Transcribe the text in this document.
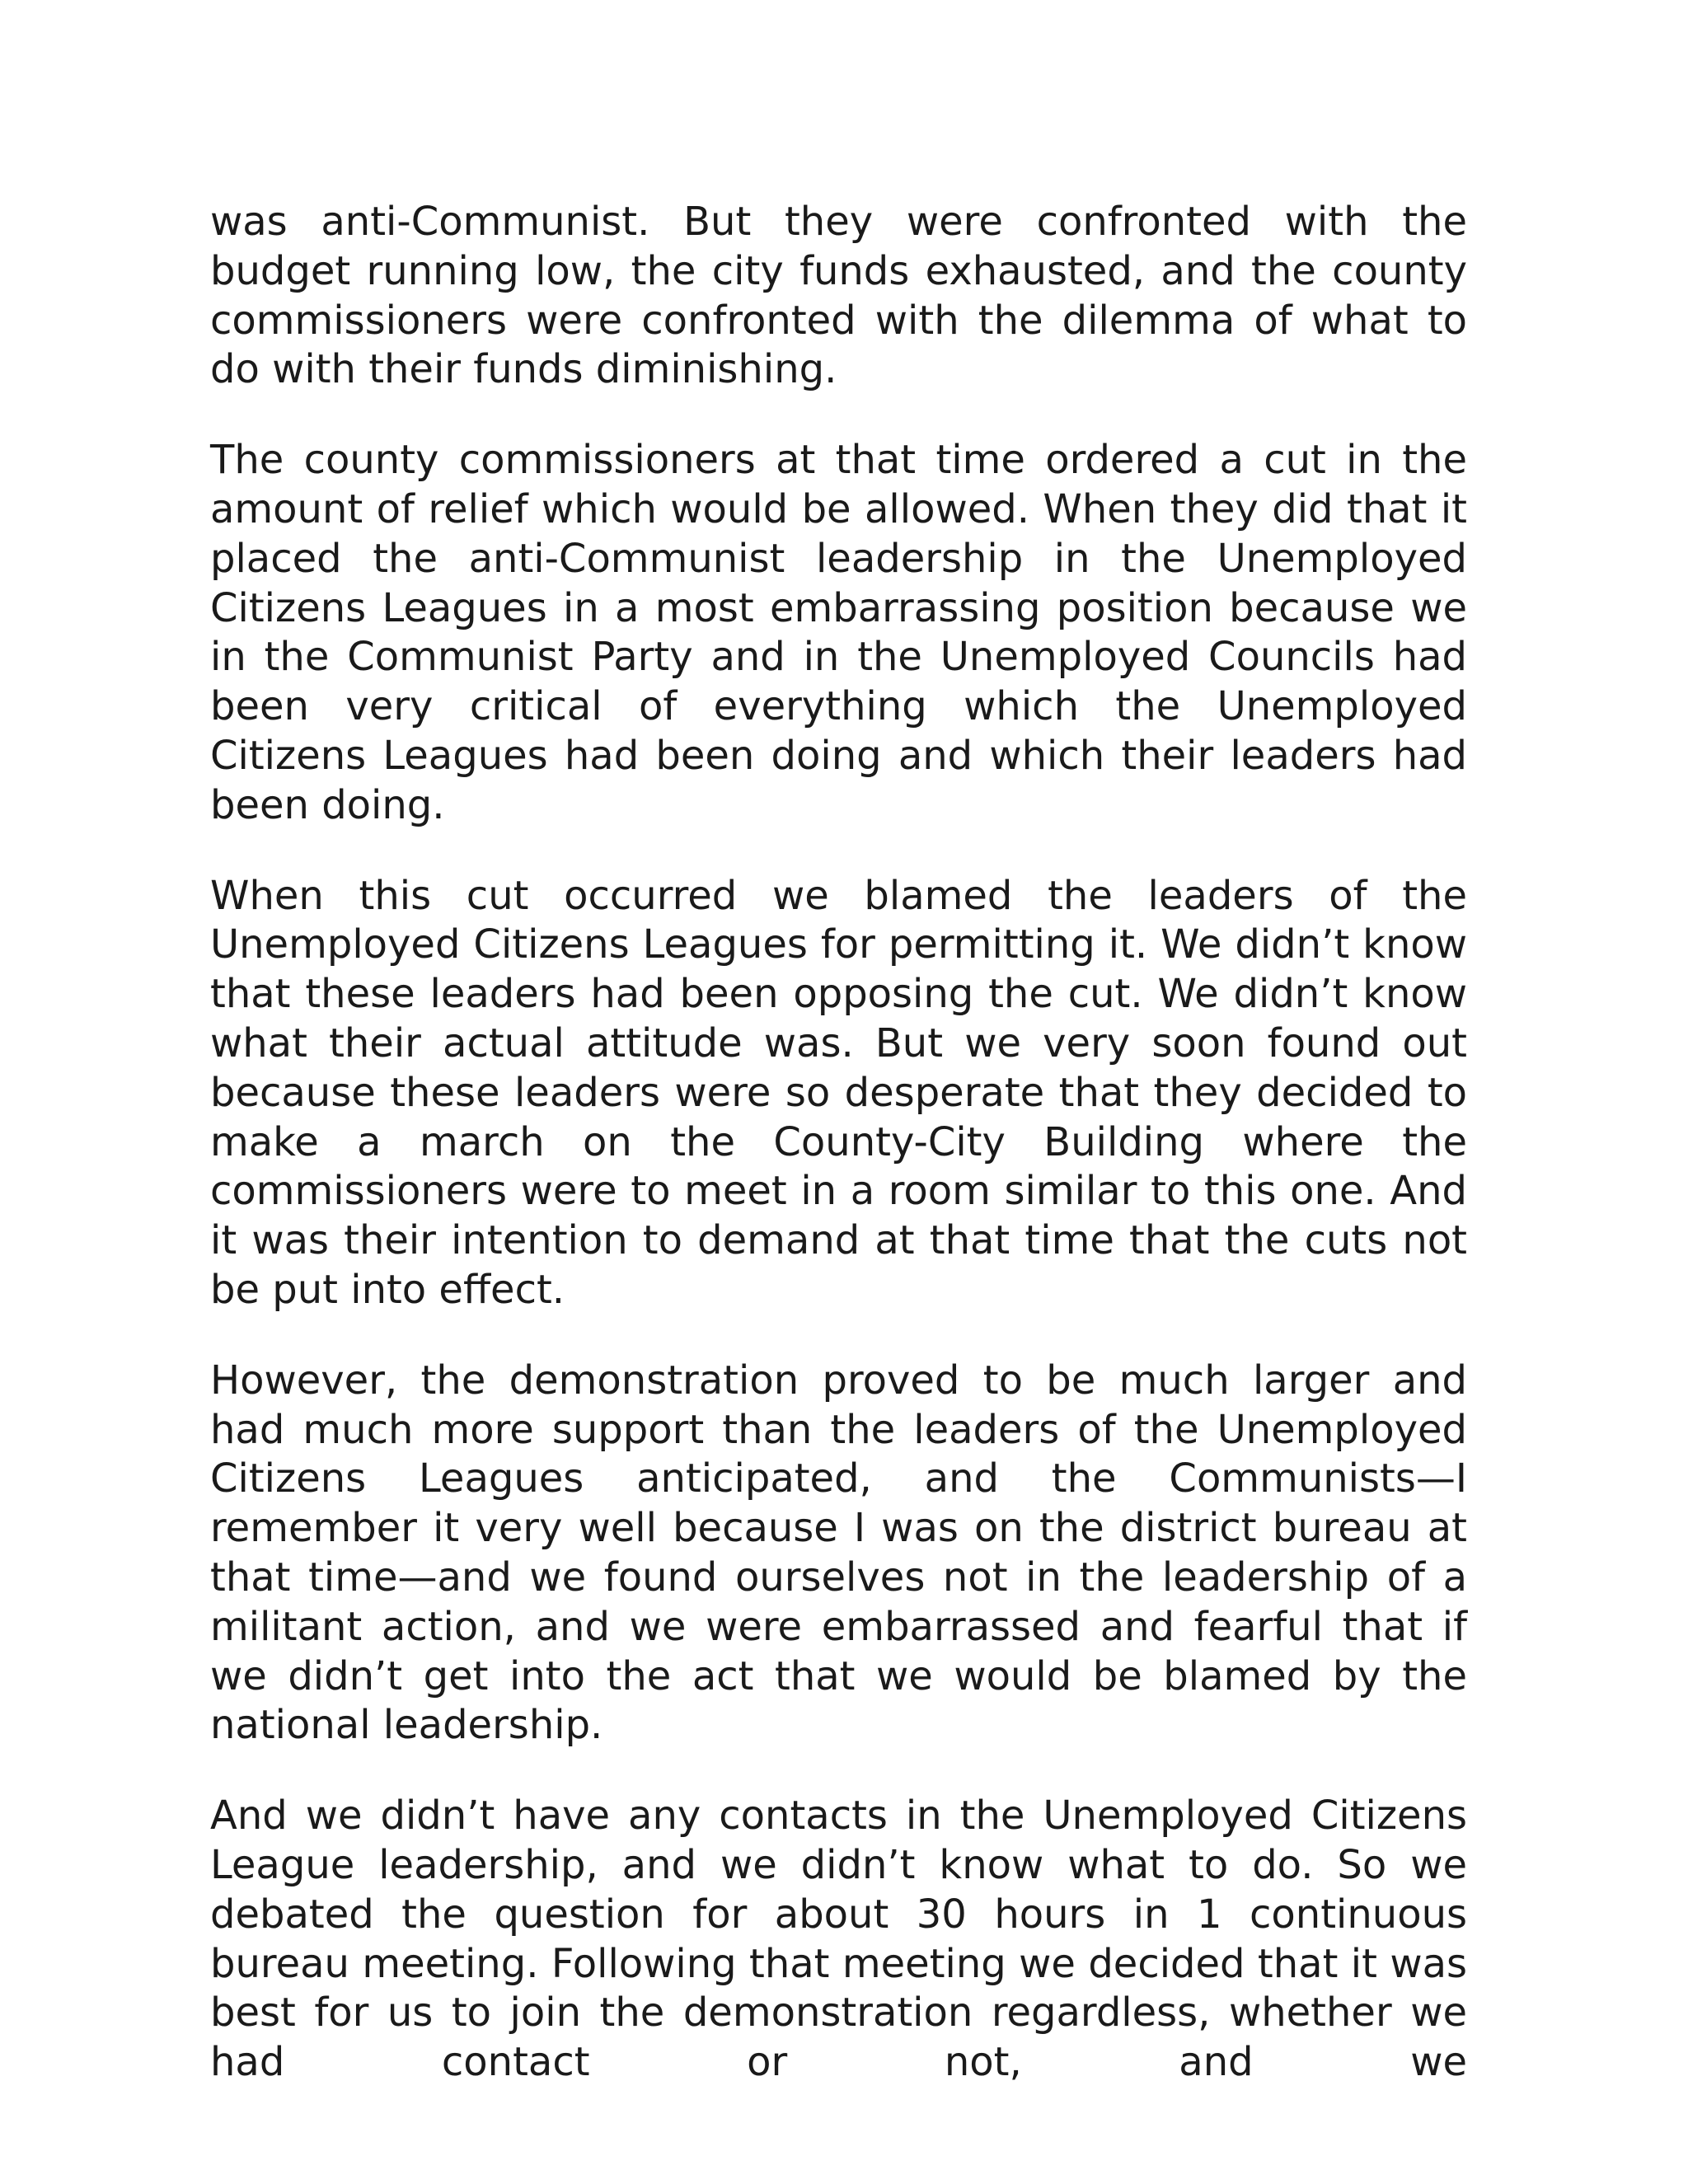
was anti-Communist. But they were confronted with the budget running low, the city funds exhausted, and the county commissioners were confronted with the dilemma of what to do with their funds diminishing.

The county commissioners at that time ordered a cut in the amount of relief which would be allowed. When they did that it placed the anti-Communist leadership in the Unemployed Citizens Leagues in a most embarrassing position because we in the Communist Party and in the Unemployed Councils had been very critical of everything which the Unemployed Citizens Leagues had been doing and which their leaders had been doing.

When this cut occurred we blamed the leaders of the Unemployed Citizens Leagues for permitting it. We didn’t know that these leaders had been opposing the cut. We didn’t know what their actual attitude was. But we very soon found out because these leaders were so desperate that they decided to make a march on the County-City Building where the commissioners were to meet in a room similar to this one. And it was their intention to demand at that time that the cuts not be put into effect.

However, the demonstration proved to be much larger and had much more support than the leaders of the Unemployed Citizens Leagues anticipated, and the Communists—I remember it very well because I was on the district bureau at that time—and we found ourselves not in the leadership of a militant action, and we were embarrassed and fearful that if we didn’t get into the act that we would be blamed by the national leadership.

And we didn’t have any contacts in the Unemployed Citizens League leadership, and we didn’t know what to do. So we debated the question for about 30 hours in 1 continuous bureau meeting. Following that meeting we decided that it was best for us to join the demonstration regardless, whether we had contact or not, and we
